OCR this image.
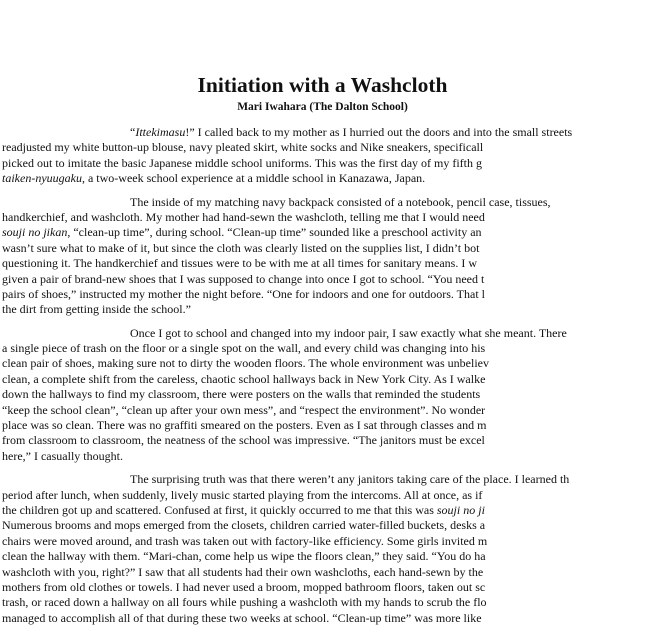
Initiation with a Washcloth
Mari Iwahara (The Dalton School)
“Ittekimasu!” I called back to my mother as I hurried out the doors and into the small streets
readjusted my white button-up blouse, navy pleated skirt, white socks and Nike sneakers, specificall
picked out to imitate the basic Japanese middle school uniforms. This was the first day of my fifth g
taiken-nyuugaku, a two-week school experience at a middle school in Kanazawa, Japan.
The inside of my matching navy backpack consisted of a notebook, pencil case, tissues,
handkerchief, and washcloth. My mother had hand-sewn the washcloth, telling me that I would need
souji no jikan, “clean-up time”, during school. “Clean-up time” sounded like a preschool activity an
wasn’t sure what to make of it, but since the cloth was clearly listed on the supplies list, I didn’t bot
questioning it. The handkerchief and tissues were to be with me at all times for sanitary means. I w
given a pair of brand-new shoes that I was supposed to change into once I got to school. “You need t
pairs of shoes,” instructed my mother the night before. “One for indoors and one for outdoors. That l
the dirt from getting inside the school.”
Once I got to school and changed into my indoor pair, I saw exactly what she meant. There
a single piece of trash on the floor or a single spot on the wall, and every child was changing into his
clean pair of shoes, making sure not to dirty the wooden floors. The whole environment was unbeliev
clean, a complete shift from the careless, chaotic school hallways back in New York City. As I walke
down the hallways to find my classroom, there were posters on the walls that reminded the students
“keep the school clean”, “clean up after your own mess”, and “respect the environment”. No wonder
place was so clean. There was no graffiti smeared on the posters. Even as I sat through classes and m
from classroom to classroom, the neatness of the school was impressive. “The janitors must be excel
here,” I casually thought.
The surprising truth was that there weren’t any janitors taking care of the place. I learned th
period after lunch, when suddenly, lively music started playing from the intercoms. All at once, as if
the children got up and scattered. Confused at first, it quickly occurred to me that this was souji no ji
Numerous brooms and mops emerged from the closets, children carried water-filled buckets, desks a
chairs were moved around, and trash was taken out with factory-like efficiency. Some girls invited m
clean the hallway with them. “Mari-chan, come help us wipe the floors clean,” they said. “You do ha
washcloth with you, right?” I saw that all students had their own washcloths, each hand-sewn by the
mothers from old clothes or towels. I had never used a broom, mopped bathroom floors, taken out sc
trash, or raced down a hallway on all fours while pushing a washcloth with my hands to scrub the flo
managed to accomplish all of that during these two weeks at school. “Clean-up time” was more like
